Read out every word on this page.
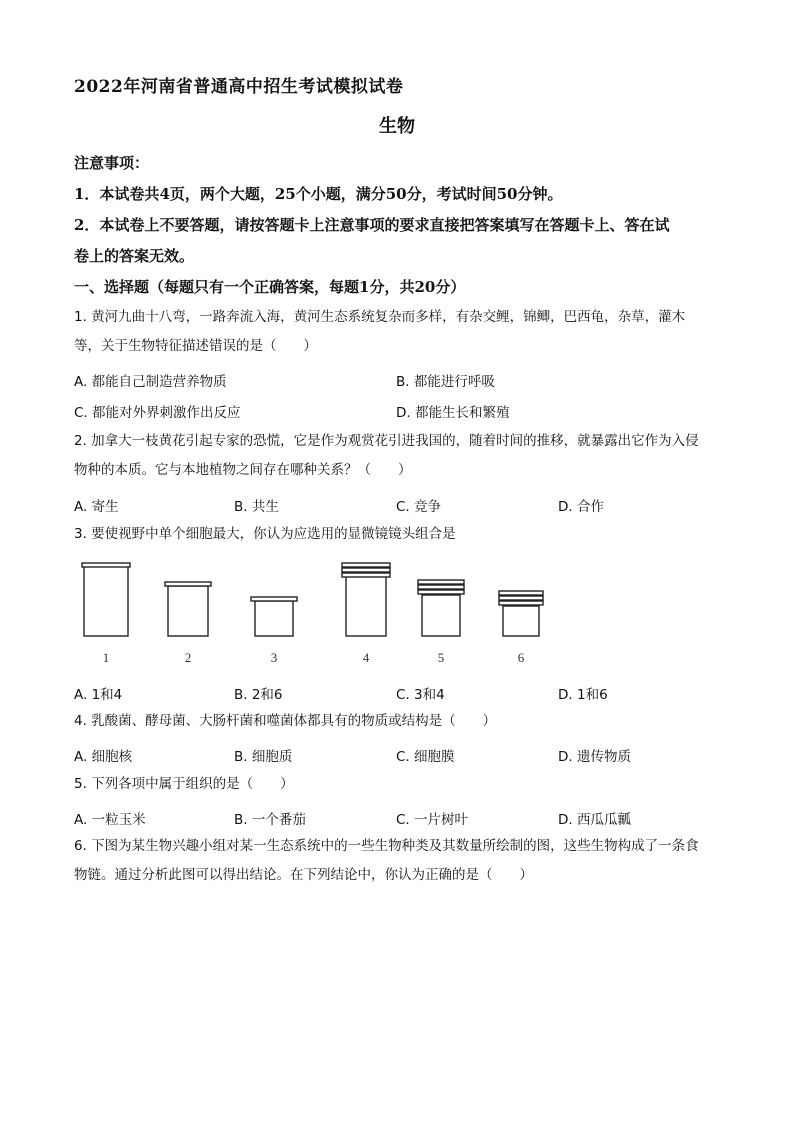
2022年河南省普通高中招生考试模拟试卷
生物
注意事项：
1．本试卷共4页，两个大题，25个小题，满分50分，考试时间50分钟。
2．本试卷上不要答题，请按答题卡上注意事项的要求直接把答案填写在答题卡上、答在试
卷上的答案无效。
一、选择题（每题只有一个正确答案，每题1分，共20分）
1. 黄河九曲十八弯，一路奔流入海，黄河生态系统复杂而多样，有杂交鲤，锦鲫，巴西龟，杂草，灌木
等，关于生物特征描述错误的是（　　）
A. 都能自己制造营养物质	B. 都能进行呼吸
C. 都能对外界刺激作出反应	D. 都能生长和繁殖
2. 加拿大一枝黄花引起专家的恐慌，它是作为观赏花引进我国的，随着时间的推移，就暴露出它作为入侵
物种的本质。它与本地植物之间存在哪种关系？（　　）
A. 寄生	B. 共生	C. 竞争	D. 合作
3. 要使视野中单个细胞最大，你认为应选用的显微镜镜头组合是
1	2	3	4	5	6
A. 1和4	B. 2和6	C. 3和4	D. 1和6
4. 乳酸菌、酵母菌、大肠杆菌和噬菌体都具有的物质或结构是（　　）
A. 细胞核	B. 细胞质	C. 细胞膜	D. 遗传物质
5. 下列各项中属于组织的是（　　）
A. 一粒玉米	B. 一个番茄	C. 一片树叶	D. 西瓜瓜瓤
6. 下图为某生物兴趣小组对某一生态系统中的一些生物种类及其数量所绘制的图，这些生物构成了一条食
物链。通过分析此图可以得出结论。在下列结论中，你认为正确的是（　　）
